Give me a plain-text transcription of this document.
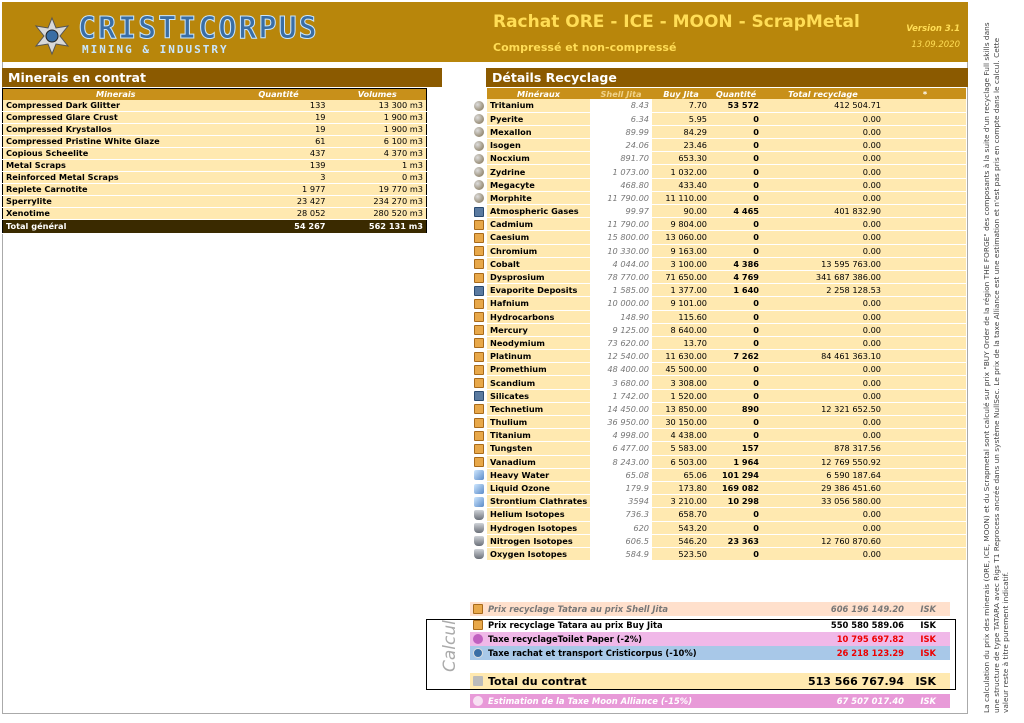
CRISTICORPUS
MINING & INDUSTRY
Rachat ORE - ICE - MOON - ScrapMetal
Compressé et non-compressé
Version 3.1
13.09.2020
Minerais en contrat	Détails Recyclage
Minerais	Quantité	Volumes
Compressed Dark Glitter	133	13 300 m3
Compressed Glare Crust	19	1 900 m3
Compressed Krystallos	19	1 900 m3
Compressed Pristine White Glaze	61	6 100 m3
Copious Scheelite	437	4 370 m3
Metal Scraps	139	1 m3
Reinforced Metal Scraps	3	0 m3
Replete Carnotite	1 977	19 770 m3
Sperrylite	23 427	234 270 m3
Xenotime	28 052	280 520 m3
Total général	54 267	562 131 m3
	Minéraux	Shell Jita	Buy Jita	Quantité	Total recyclage	*
	Tritanium	8.43	7.70	53 572	412 504.71	
	Pyerite	6.34	5.95	0	0.00	
	Mexallon	89.99	84.29	0	0.00	
	Isogen	24.06	23.46	0	0.00	
	Nocxium	891.70	653.30	0	0.00	
	Zydrine	1 073.00	1 032.00	0	0.00	
	Megacyte	468.80	433.40	0	0.00	
	Morphite	11 790.00	11 110.00	0	0.00	
	Atmospheric Gases	99.97	90.00	4 465	401 832.90	
	Cadmium	11 790.00	9 804.00	0	0.00	
	Caesium	15 800.00	13 060.00	0	0.00	
	Chromium	10 330.00	9 163.00	0	0.00	
	Cobalt	4 044.00	3 100.00	4 386	13 595 763.00	
	Dysprosium	78 770.00	71 650.00	4 769	341 687 386.00	
	Evaporite Deposits	1 585.00	1 377.00	1 640	2 258 128.53	
	Hafnium	10 000.00	9 101.00	0	0.00	
	Hydrocarbons	148.90	115.60	0	0.00	
	Mercury	9 125.00	8 640.00	0	0.00	
	Neodymium	73 620.00	13.70	0	0.00	
	Platinum	12 540.00	11 630.00	7 262	84 461 363.10	
	Promethium	48 400.00	45 500.00	0	0.00	
	Scandium	3 680.00	3 308.00	0	0.00	
	Silicates	1 742.00	1 520.00	0	0.00	
	Technetium	14 450.00	13 850.00	890	12 321 652.50	
	Thulium	36 950.00	30 150.00	0	0.00	
	Titanium	4 998.00	4 438.00	0	0.00	
	Tungsten	6 477.00	5 583.00	157	878 317.56	
	Vanadium	8 243.00	6 503.00	1 964	12 769 550.92	
	Heavy Water	65.08	65.06	101 294	6 590 187.64	
	Liquid Ozone	179.9	173.80	169 082	29 386 451.60	
	Strontium Clathrates	3594	3 210.00	10 298	33 056 580.00	
	Helium Isotopes	736.3	658.70	0	0.00	
	Hydrogen Isotopes	620	543.20	0	0.00	
	Nitrogen Isotopes	606.5	546.20	23 363	12 760 870.60	
	Oxygen Isotopes	584.9	523.50	0	0.00	
Prix recyclage Tatara au prix Shell Jita	606 196 149.20 ISK
Prix recyclage Tatara au prix Buy Jita	550 580 589.06 ISK
Taxe recyclageToilet Paper (-2%)	10 795 697.82 ISK
Taxe rachat et transport Cristicorpus (-10%)	26 218 123.29 ISK
Total du contrat	513 566 767.94 ISK
Calcul
Estimation de la Taxe Moon Alliance (-15%)	67 507 017.40 ISK	La calculation du prix des minerais (ORE, ICE, MOON) et du Scrapmetal sont calculé sur prix "BUY Order de la région THE FORGE" des composants à la suite d'un recyclage Full skills dans une structure de type TATARA avec Rigs T1 Reprocess ancrée dans un système NullSec. Le prix de la taxe Alliance est une estimation et n'est pas pris en compte dans le calcul. Cette valeur reste à titre purement indicatif.
